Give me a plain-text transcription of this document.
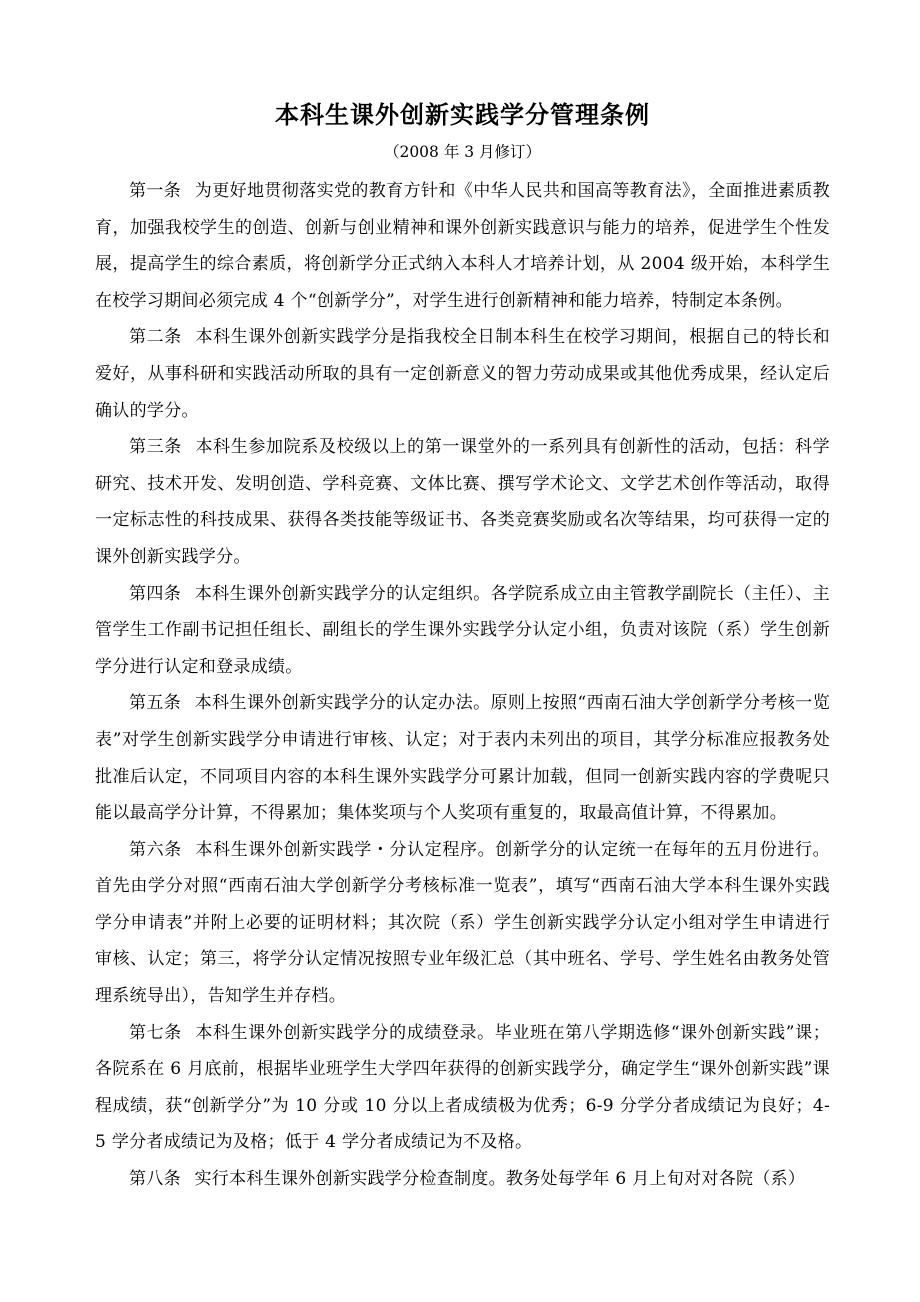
本科生课外创新实践学分管理条例
（2008 年 3 月修订）

第一条 为更好地贯彻落实党的教育方针和《中华人民共和国高等教育法》，全面推进素质教育，加强我校学生的创造、创新与创业精神和课外创新实践意识与能力的培养，促进学生个性发展，提高学生的综合素质，将创新学分正式纳入本科人才培养计划，从 2004 级开始，本科学生在校学习期间必须完成 4 个“创新学分”，对学生进行创新精神和能力培养，特制定本条例。

第二条 本科生课外创新实践学分是指我校全日制本科生在校学习期间，根据自己的特长和爱好，从事科研和实践活动所取的具有一定创新意义的智力劳动成果或其他优秀成果，经认定后确认的学分。

第三条 本科生参加院系及校级以上的第一课堂外的一系列具有创新性的活动，包括：科学研究、技术开发、发明创造、学科竞赛、文体比赛、撰写学术论文、文学艺术创作等活动，取得一定标志性的科技成果、获得各类技能等级证书、各类竞赛奖励或名次等结果，均可获得一定的课外创新实践学分。

第四条 本科生课外创新实践学分的认定组织。各学院系成立由主管教学副院长（主任）、主管学生工作副书记担任组长、副组长的学生课外实践学分认定小组，负责对该院（系）学生创新学分进行认定和登录成绩。

第五条 本科生课外创新实践学分的认定办法。原则上按照“西南石油大学创新学分考核一览表”对学生创新实践学分申请进行审核、认定；对于表内未列出的项目，其学分标准应报教务处批准后认定，不同项目内容的本科生课外实践学分可累计加载，但同一创新实践内容的学费呢只能以最高学分计算，不得累加；集体奖项与个人奖项有重复的，取最高值计算，不得累加。

第六条 本科生课外创新实践学・分认定程序。创新学分的认定统一在每年的五月份进行。首先由学分对照“西南石油大学创新学分考核标准一览表”，填写“西南石油大学本科生课外实践学分申请表”并附上必要的证明材料；其次院（系）学生创新实践学分认定小组对学生申请进行审核、认定；第三，将学分认定情况按照专业年级汇总（其中班名、学号、学生姓名由教务处管理系统导出），告知学生并存档。

第七条 本科生课外创新实践学分的成绩登录。毕业班在第八学期选修“课外创新实践”课；各院系在 6 月底前，根据毕业班学生大学四年获得的创新实践学分，确定学生“课外创新实践”课程成绩，获“创新学分”为 10 分或 10 分以上者成绩极为优秀；6-9 分学分者成绩记为良好；4-5 学分者成绩记为及格；低于 4 学分者成绩记为不及格。

第八条 实行本科生课外创新实践学分检查制度。教务处每学年 6 月上旬对对各院（系）
